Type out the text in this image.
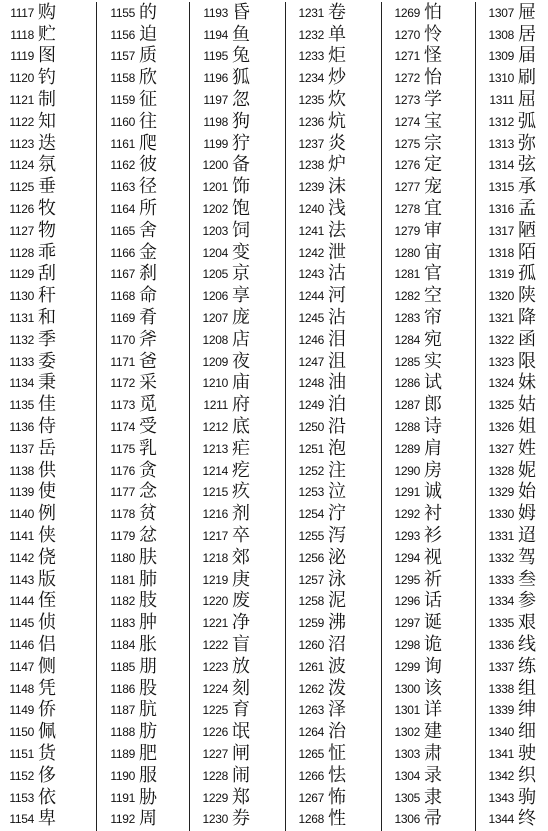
1117 购
1118 贮
1119 图
1120 钓
1121 制
1122 知
1123 迭
1124 氛
1125 垂
1126 牧
1127 物
1128 乖
1129 刮
1130 秆
1131 和
1132 季
1133 委
1134 秉
1135 佳
1136 侍
1137 岳
1138 供
1139 使
1140 例
1141 侠
1142 侥
1143 版
1144 侄
1145 侦
1146 侣
1147 侧
1148 凭
1149 侨
1150 佩
1151 货
1152 侈
1153 依
1154 卑
1155 的
1156 迫
1157 质
1158 欣
1159 征
1160 往
1161 爬
1162 彼
1163 径
1164 所
1165 舍
1166 金
1167 刹
1168 命
1169 肴
1170 斧
1171 爸
1172 采
1173 觅
1174 受
1175 乳
1176 贪
1177 念
1178 贫
1179 忿
1180 肤
1181 肺
1182 肢
1183 肿
1184 胀
1185 朋
1186 股
1187 肮
1188 肪
1189 肥
1190 服
1191 胁
1192 周
1193 昏
1194 鱼
1195 兔
1196 狐
1197 忽
1198 狗
1199 狞
1200 备
1201 饰
1202 饱
1203 饲
1204 变
1205 京
1206 享
1207 庞
1208 店
1209 夜
1210 庙
1211 府
1212 底
1213 疟
1214 疙
1215 疚
1216 剂
1217 卒
1218 郊
1219 庚
1220 废
1221 净
1222 盲
1223 放
1224 刻
1225 育
1226 氓
1227 闸
1228 闹
1229 郑
1230 券
1231 卷
1232 单
1233 炬
1234 炒
1235 炊
1236 炕
1237 炎
1238 炉
1239 沫
1240 浅
1241 法
1242 泄
1243 沽
1244 河
1245 沾
1246 泪
1247 沮
1248 油
1249 泊
1250 沿
1251 泡
1252 注
1253 泣
1254 泞
1255 泻
1256 泌
1257 泳
1258 泥
1259 沸
1260 沼
1261 波
1262 泼
1263 泽
1264 治
1265 怔
1266 怯
1267 怖
1268 性
1269 怕
1270 怜
1271 怪
1272 怡
1273 学
1274 宝
1275 宗
1276 定
1277 宠
1278 宜
1279 审
1280 宙
1281 官
1282 空
1283 帘
1284 宛
1285 实
1286 试
1287 郎
1288 诗
1289 肩
1290 房
1291 诚
1292 衬
1293 衫
1294 视
1295 祈
1296 话
1297 诞
1298 诡
1299 询
1300 该
1301 详
1302 建
1303 肃
1304 录
1305 隶
1306 帚
1307 屉
1308 居
1309 届
1310 刷
1311 屈
1312 弧
1313 弥
1314 弦
1315 承
1316 孟
1317 陋
1318 陌
1319 孤
1320 陕
1321 降
1322 函
1323 限
1324 妹
1325 姑
1326 姐
1327 姓
1328 妮
1329 始
1330 姆
1331 迢
1332 驾
1333 叁
1334 参
1335 艰
1336 线
1337 练
1338 组
1339 绅
1340 细
1341 驶
1342 织
1343 驹
1344 终
